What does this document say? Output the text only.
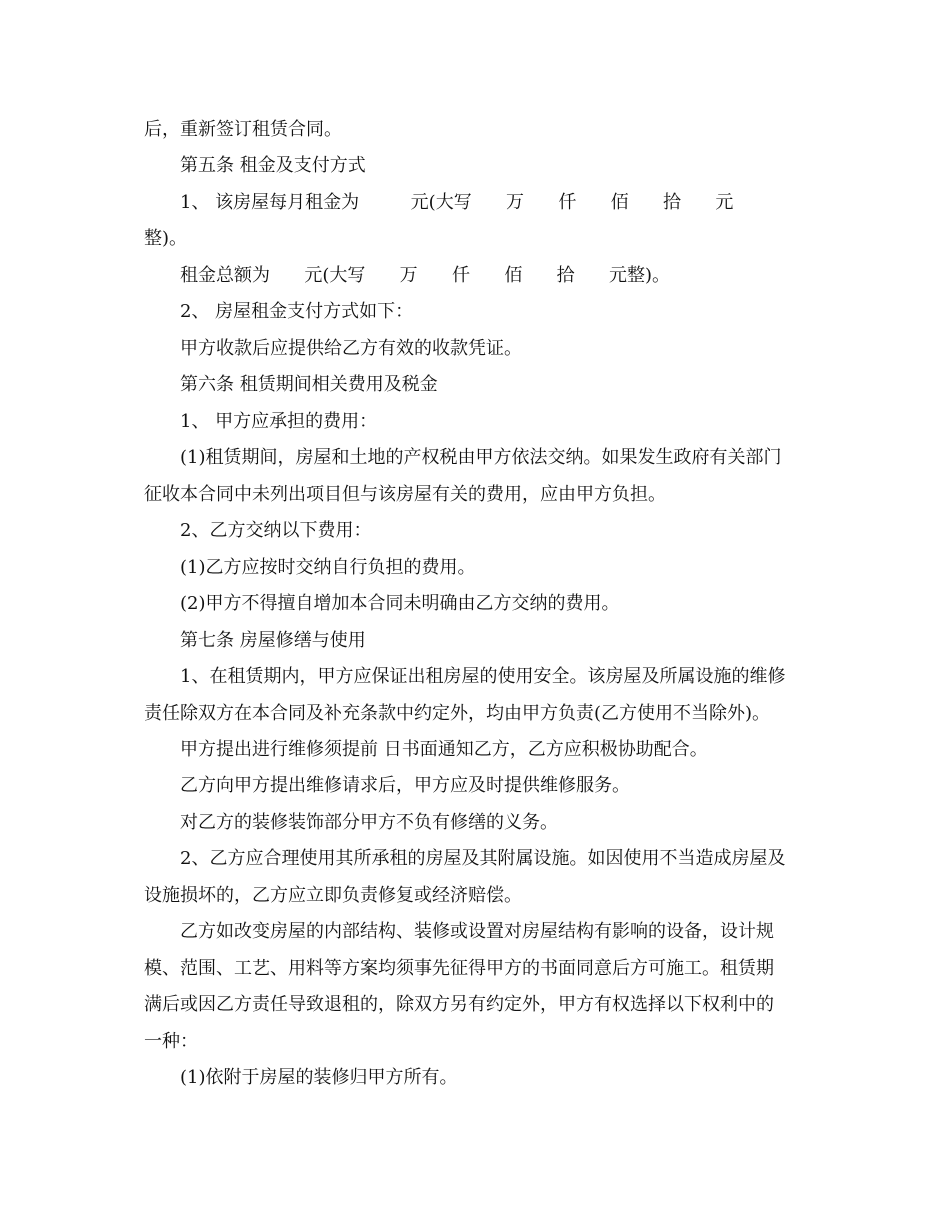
后，重新签订租赁合同。
第五条 租金及支付方式
1、 该房屋每月租金为         元(大写      万      仟      佰      拾      元
整)。
租金总额为      元(大写      万      仟      佰      拾      元整)。
2、 房屋租金支付方式如下：
甲方收款后应提供给乙方有效的收款凭证。
第六条 租赁期间相关费用及税金
1、 甲方应承担的费用：
(1)租赁期间，房屋和土地的产权税由甲方依法交纳。如果发生政府有关部门
征收本合同中未列出项目但与该房屋有关的费用，应由甲方负担。
2、乙方交纳以下费用：
(1)乙方应按时交纳自行负担的费用。
(2)甲方不得擅自增加本合同未明确由乙方交纳的费用。
第七条 房屋修缮与使用
1、在租赁期内，甲方应保证出租房屋的使用安全。该房屋及所属设施的维修
责任除双方在本合同及补充条款中约定外，均由甲方负责(乙方使用不当除外)。
甲方提出进行维修须提前 日书面通知乙方，乙方应积极协助配合。
乙方向甲方提出维修请求后，甲方应及时提供维修服务。
对乙方的装修装饰部分甲方不负有修缮的义务。
2、乙方应合理使用其所承租的房屋及其附属设施。如因使用不当造成房屋及
设施损坏的，乙方应立即负责修复或经济赔偿。
乙方如改变房屋的内部结构、装修或设置对房屋结构有影响的设备，设计规
模、范围、工艺、用料等方案均须事先征得甲方的书面同意后方可施工。租赁期
满后或因乙方责任导致退租的，除双方另有约定外，甲方有权选择以下权利中的
一种：
(1)依附于房屋的装修归甲方所有。
